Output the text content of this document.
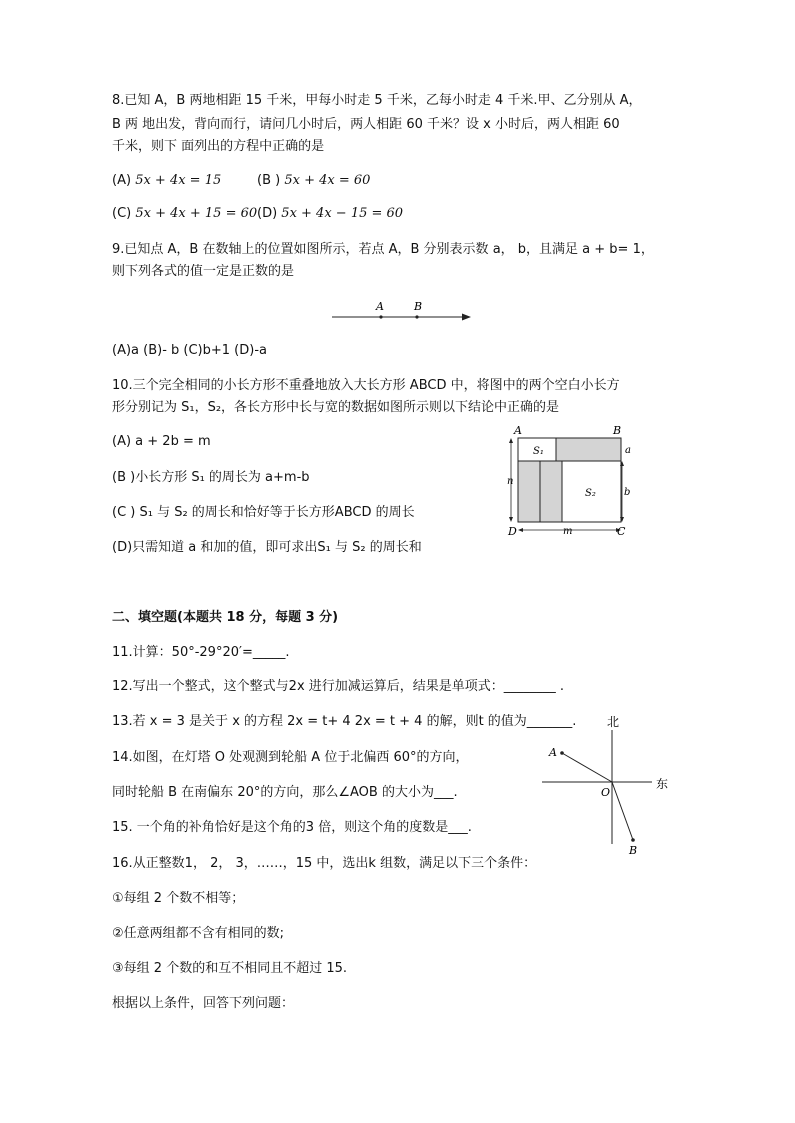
8.已知 A，B 两地相距 15 千米，甲每小时走 5 千米，乙每小时走 4 千米.甲、乙分别从 A，
B 两 地出发，背向而行，请问几小时后，两人相距 60 千米？设 x 小时后，两人相距 60
千米，则下 面列出的方程中正确的是
(A) 5x + 4x = 15	(B ) 5x + 4x = 60
(C) 5x + 4x + 15 = 60 (D) 5x + 4x − 15 = 60
9.已知点 A，B 在数轴上的位置如图所示，若点 A，B 分别表示数 a， b，且满足 a + b= 1，
则下列各式的值一定是正数的是
A	B
(A)a (B)- b (C)b+1 (D)-a
10.三个完全相同的小长方形不重叠地放入大长方形 ABCD 中，将图中的两个空白小长方
形分别记为 S₁，S₂，各长方形中长与宽的数据如图所示则以下结论中正确的是
(A) a + 2b = m
(B )小长方形 S₁ 的周长为 a+m-b
(C ) S₁ 与 S₂ 的周长和恰好等于长方形ABCD 的周长
(D)只需知道 a 和加的值，即可求出S₁ 与 S₂ 的周长和
A	B
D	C
S₁
S₂
a
b
n
m
二、填空题(本题共 18 分，每题 3 分)
11.计算：50°-29°20′=_____.
12.写出一个整式，这个整式与2x 进行加减运算后，结果是单项式：________ .
13.若 x = 3 是关于 x 的方程 2x = t+ 4 2x = t + 4 的解，则t 的值为_______.
14.如图，在灯塔 O 处观测到轮船 A 位于北偏西 60°的方向，
同时轮船 B 在南偏东 20°的方向，那么∠AOB 的大小为___.
北
东
A
O
B
15. 一个角的补角恰好是这个角的3 倍，则这个角的度数是___.
16.从正整数1， 2， 3，……，15 中，选出k 组数，满足以下三个条件：
①每组 2 个数不相等；
②任意两组都不含有相同的数;
③每组 2 个数的和互不相同且不超过 15.
根据以上条件，回答下列问题：
